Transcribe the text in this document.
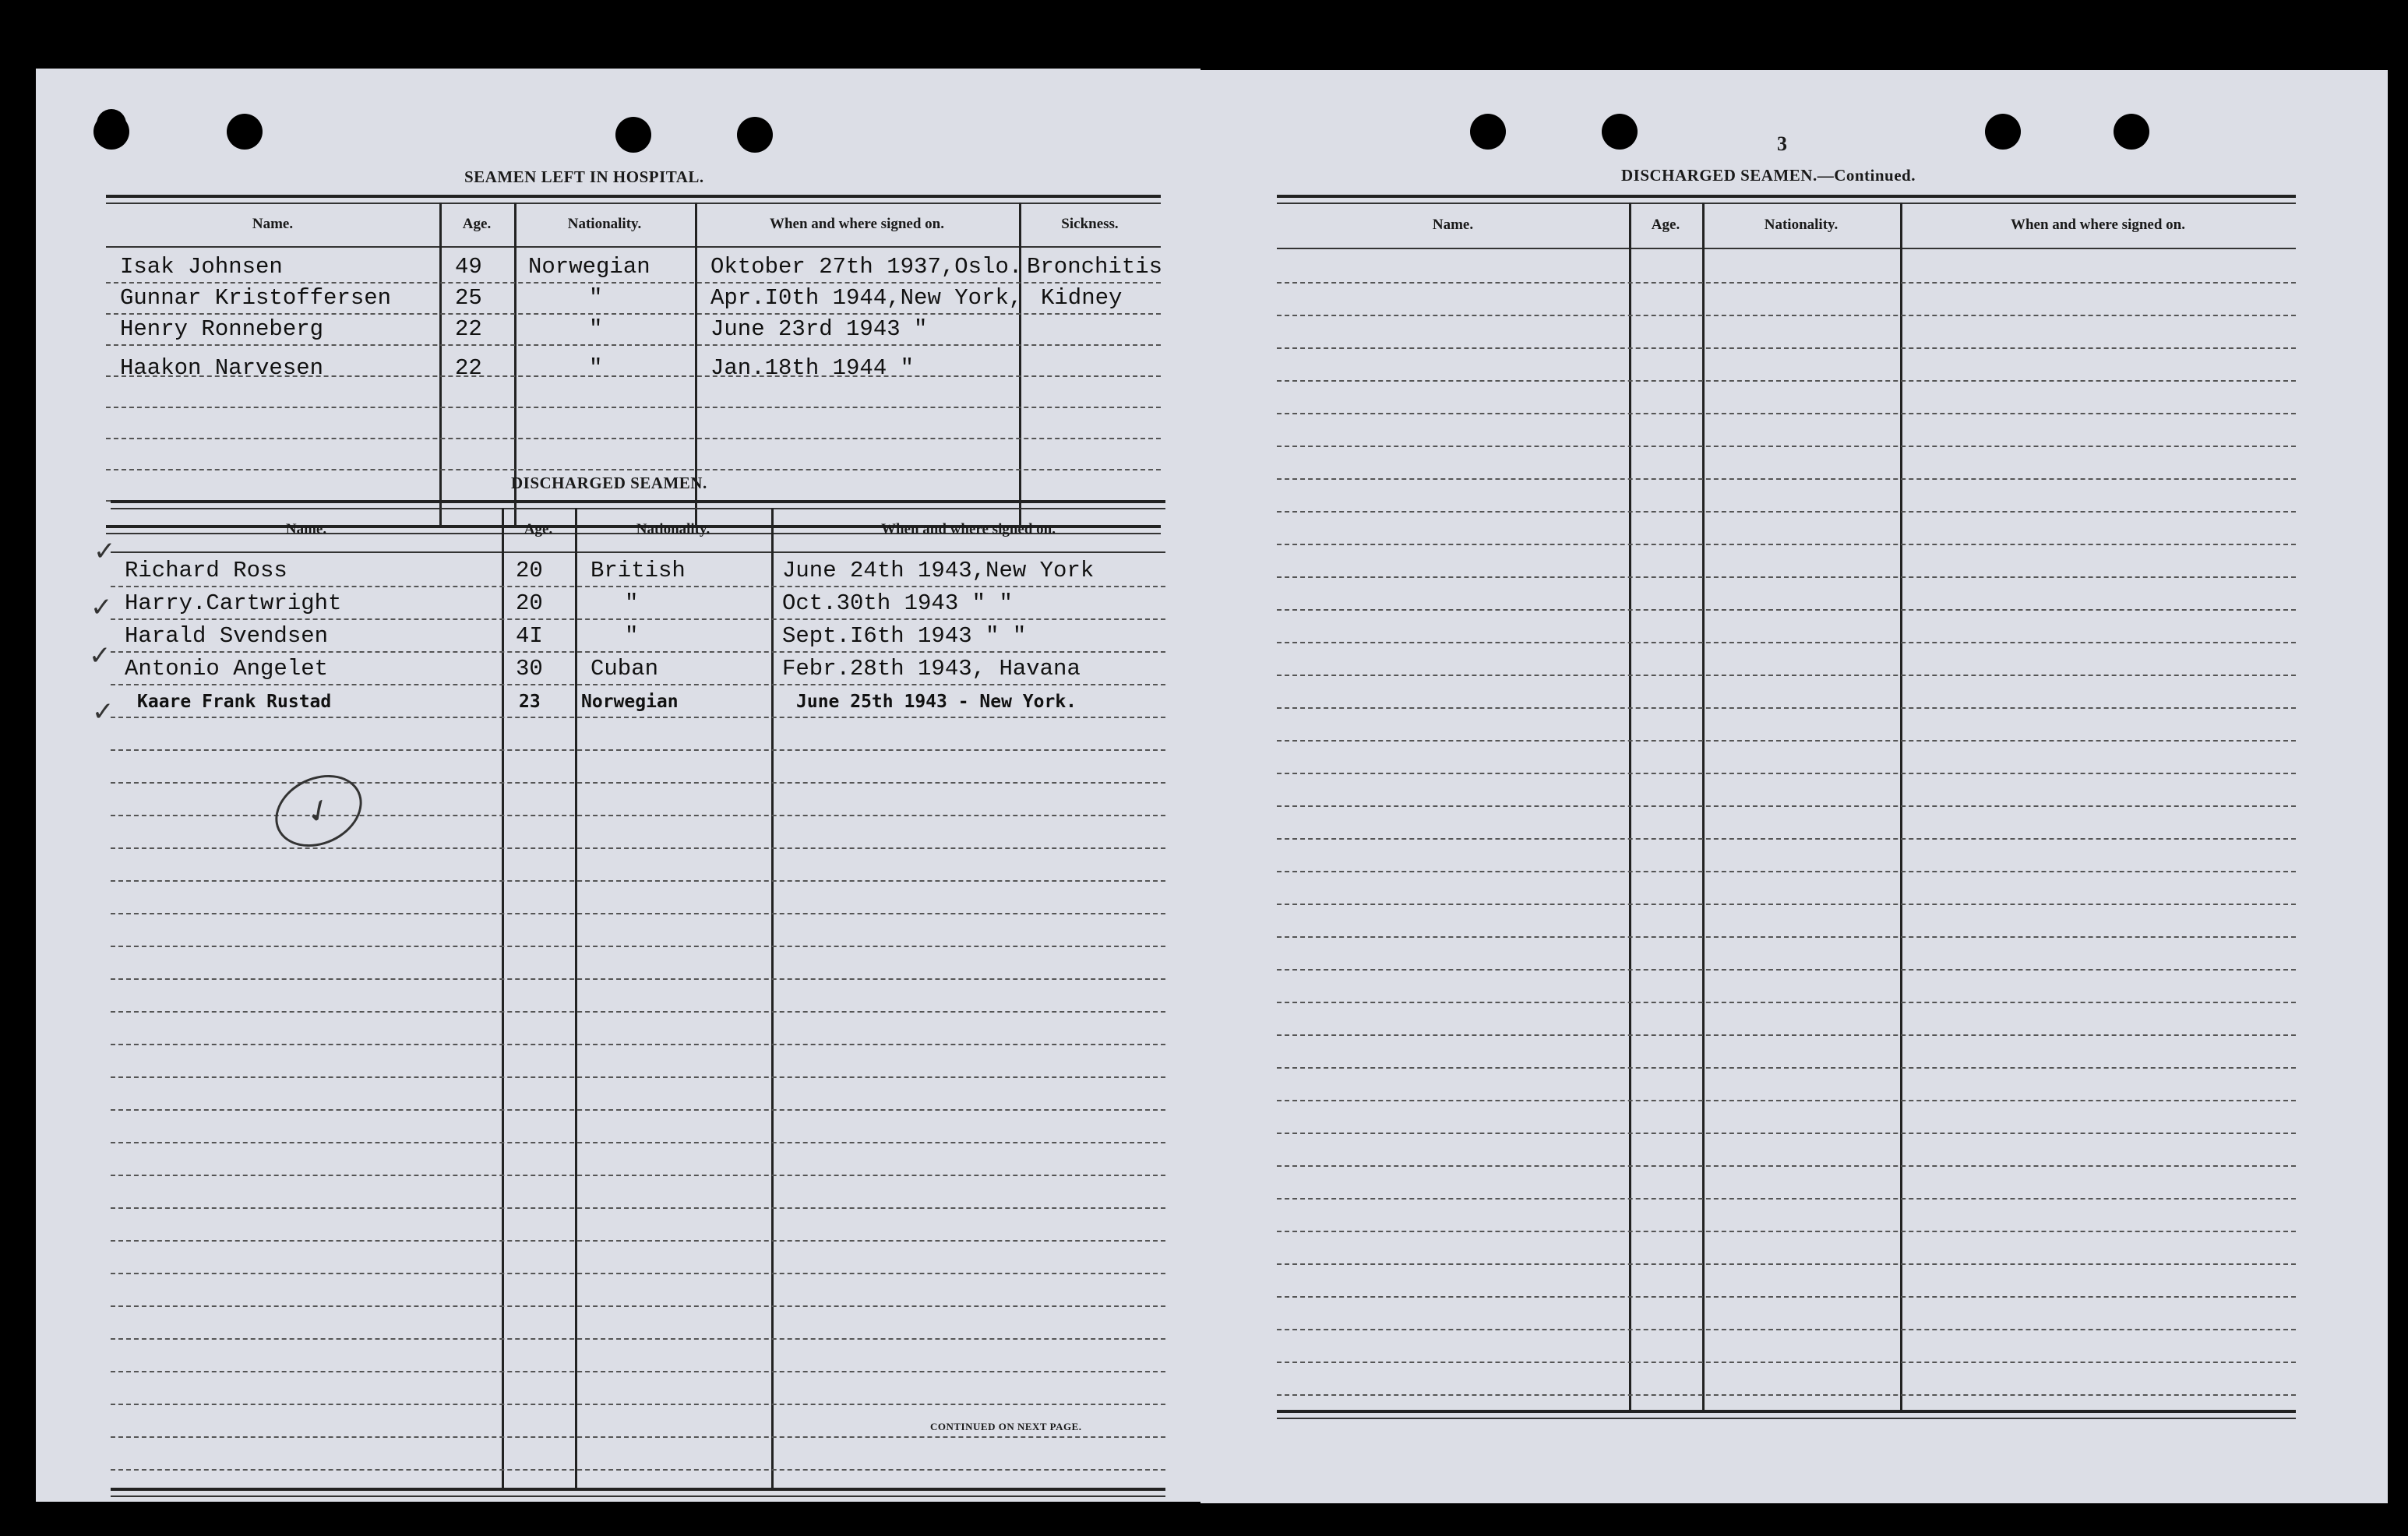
SEAMEN LEFT IN HOSPITAL.
Name.	Age.	Nationality.	When and where signed on.	Sickness.
Isak Johnsen	49 Norwegian	Oktober 27th 1937,Oslo. Bronchitis
Gunnar Kristoffersen	25	"	Apr.I0th 1944,New York, Kidney
Henry Ronneberg	22	"	June 23rd 1943 "
Haakon Narvesen	22	"	Jan.18th 1944 "
DISCHARGED SEAMEN.
Name.	Age.	Nationality.	When and where signed on.
Richard Ross	20 British	June 24th 1943,New York
Harry.Cartwright	20	"	Oct.30th 1943 " "
Harald Svendsen	4I	"	Sept.I6th 1943 " "
Antonio Angelet	30 Cuban	Febr.28th 1943, Havana
Kaare Frank Rustad	23 Norwegian	June 25th 1943 - New York.
✓
✓
✓
✓
✓
CONTINUED ON NEXT PAGE.
3
DISCHARGED SEAMEN.—Continued.
Name.	Age.	Nationality.	When and where signed on.
